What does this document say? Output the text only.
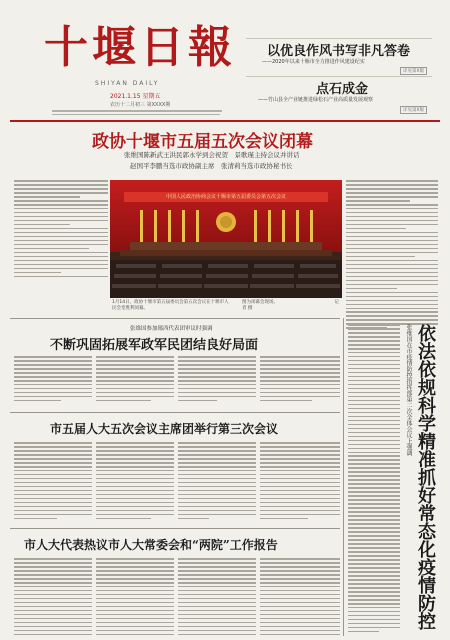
十堰日報
SHIYAN DAILY
2021.1.15 星期五
农历十二月初三 第XXXX期
以优良作风书写非凡答卷
——2020年以来十堰市全力推进作风建设纪实
详见第X版
点石成金
——竹山县全产业链推进绿松石产业高质量发展观察
详见第X版
政协十堰市五届五次会议闭幕
张维国陈新武王洪民郭永学到会祝贺　景歌瑾主持会议并讲话
赵国平李鹏当选市政协副主席　张清莉当选市政协秘书长
中国人民政治协商会议十堰市第五届委员会第五次会议
1月14日，政协十堰市第五届委员会第五次会议在十堰市人民会堂胜利闭幕。
图为闭幕会现场。　　　　　　　　　　　　　记者 摄
张维国参加郧西代表团审议时强调
不断巩固拓展军政军民团结良好局面
市五届人大五次会议主席团举行第三次会议
市人大代表热议市人大常委会和“两院”工作报告
张维国在市疫情防控指挥部第二次全体会议上强调 依法依规科学精准抓好常态化疫情防控
